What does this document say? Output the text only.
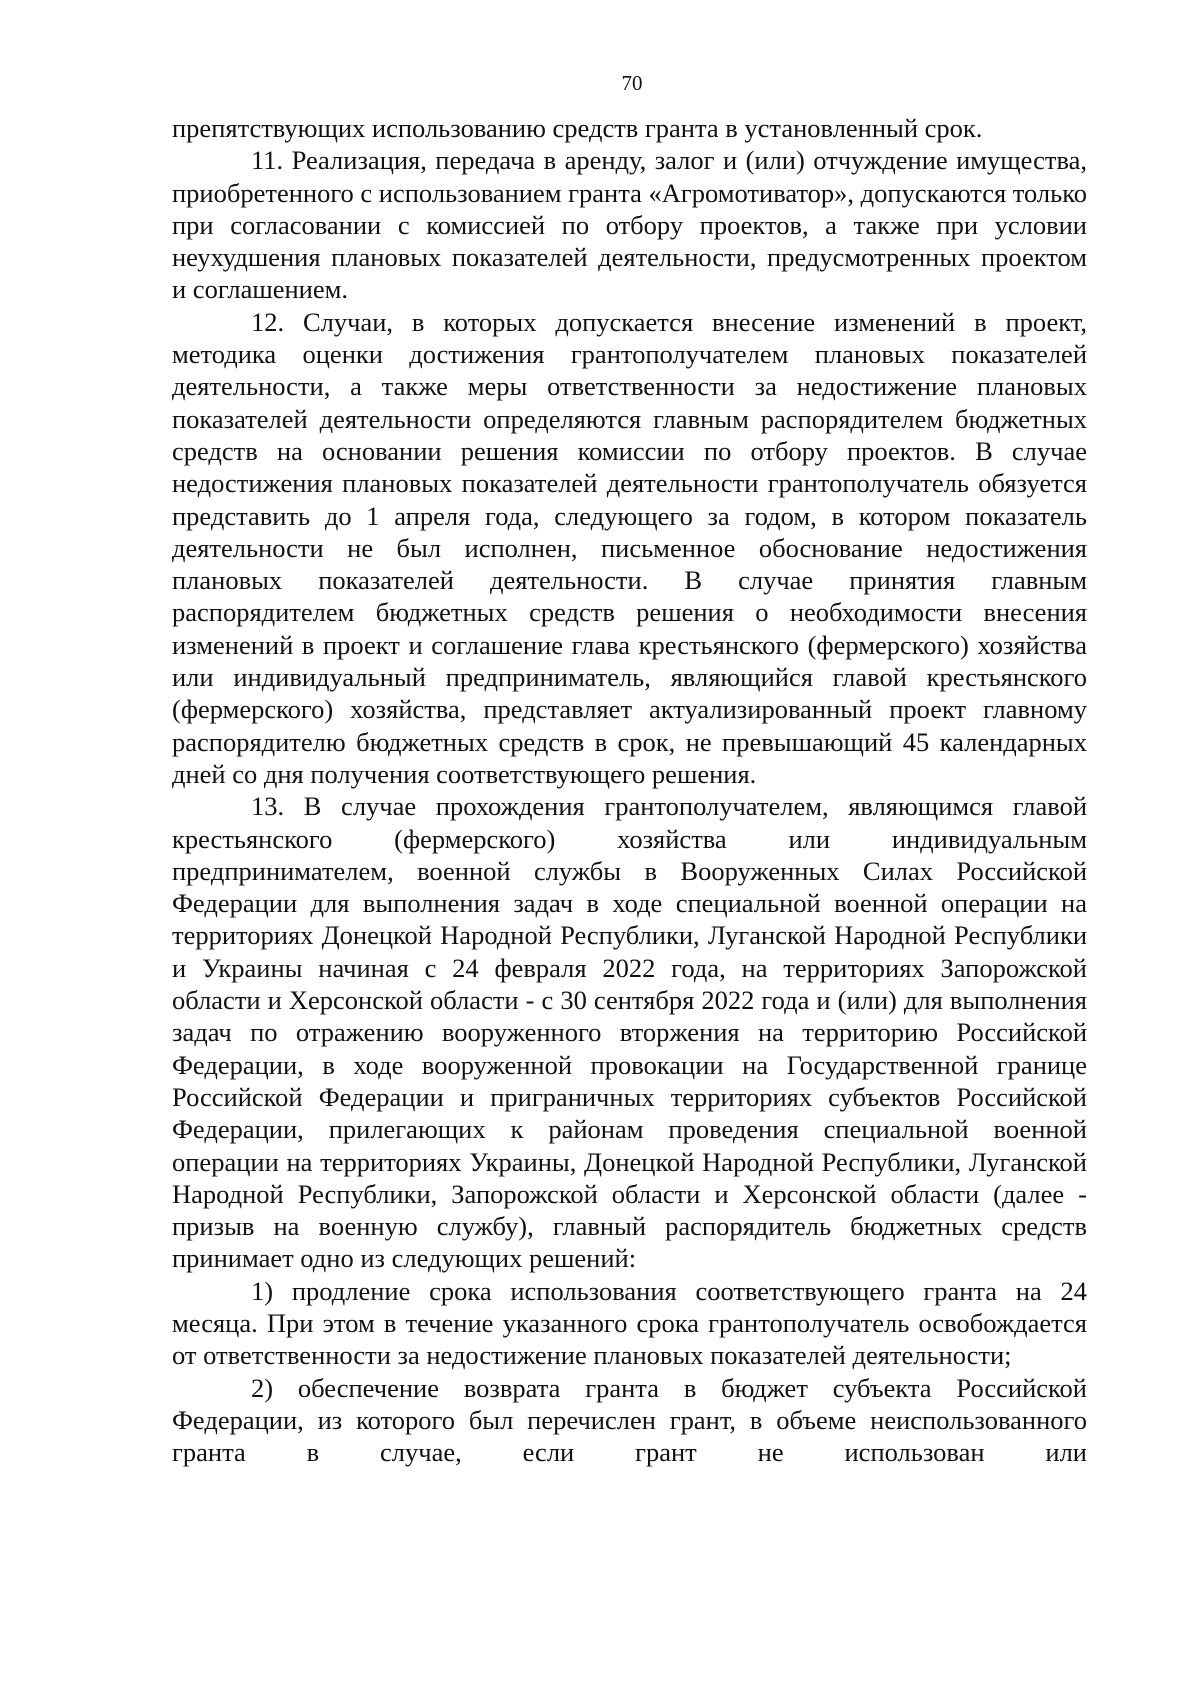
70

препятствующих использованию средств гранта в установленный срок.

11. Реализация, передача в аренду, залог и (или) отчуждение имущества, приобретенного с использованием гранта «Агромотиватор», допускаются только при согласовании с комиссией по отбору проектов, а также при условии неухудшения плановых показателей деятельности, предусмотренных проектом и соглашением.

12. Случаи, в которых допускается внесение изменений в проект, методика оценки достижения грантополучателем плановых показателей деятельности, а также меры ответственности за недостижение плановых показателей деятельности определяются главным распорядителем бюджетных средств на основании решения комиссии по отбору проектов. В случае недостижения плановых показателей деятельности грантополучатель обязуется представить до 1 апреля года, следующего за годом, в котором показатель деятельности не был исполнен, письменное обоснование недостижения плановых показателей деятельности. В случае принятия главным распорядителем бюджетных средств решения о необходимости внесения изменений в проект и соглашение глава крестьянского (фермерского) хозяйства или индивидуальный предприниматель, являющийся главой крестьянского (фермерского) хозяйства, представляет актуализированный проект главному распорядителю бюджетных средств в срок, не превышающий 45 календарных дней со дня получения соответствующего решения.

13. В случае прохождения грантополучателем, являющимся главой крестьянского (фермерского) хозяйства или индивидуальным предпринимателем, военной службы в Вооруженных Силах Российской Федерации для выполнения задач в ходе специальной военной операции на территориях Донецкой Народной Республики, Луганской Народной Республики и Украины начиная с 24 февраля 2022 года, на территориях Запорожской области и Херсонской области - с 30 сентября 2022 года и (или) для выполнения задач по отражению вооруженного вторжения на территорию Российской Федерации, в ходе вооруженной провокации на Государственной границе Российской Федерации и приграничных территориях субъектов Российской Федерации, прилегающих к районам проведения специальной военной операции на территориях Украины, Донецкой Народной Республики, Луганской Народной Республики, Запорожской области и Херсонской области (далее - призыв на военную службу), главный распорядитель бюджетных средств принимает одно из следующих решений:

1) продление срока использования соответствующего гранта на 24 месяца. При этом в течение указанного срока грантополучатель освобождается от ответственности за недостижение плановых показателей деятельности;

2) обеспечение возврата гранта в бюджет субъекта Российской Федерации, из которого был перечислен грант, в объеме неиспользованного гранта в случае, если грант не использован или
